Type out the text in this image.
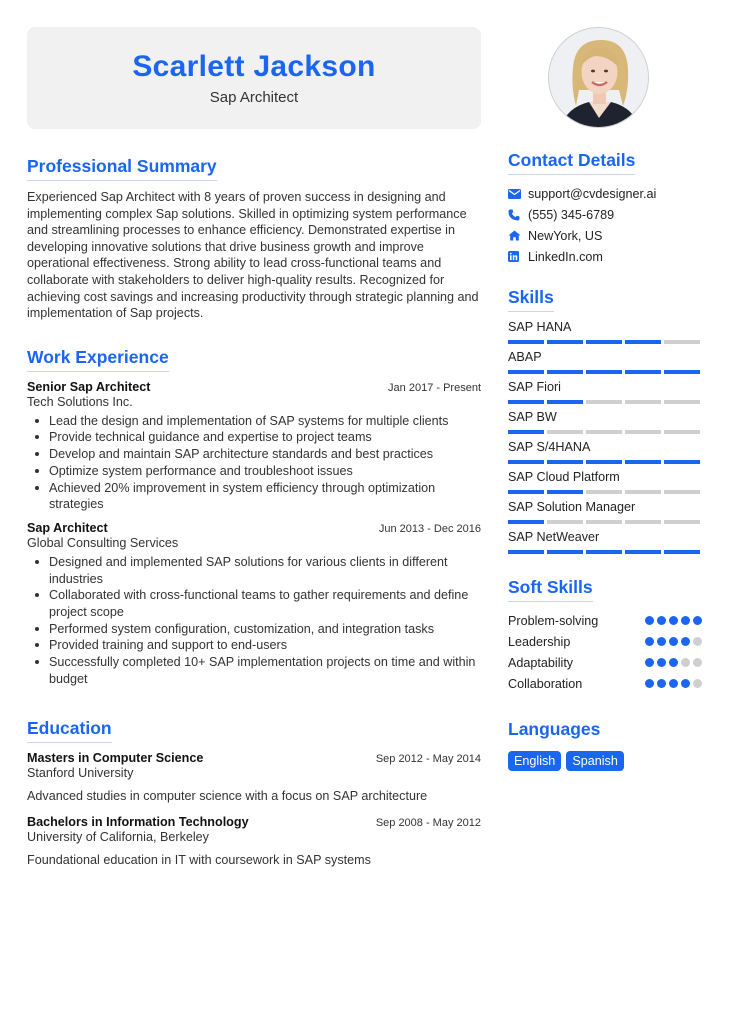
Scarlett Jackson
Sap Architect
Professional Summary

Experienced Sap Architect with 8 years of proven success in designing and implementing complex Sap solutions. Skilled in optimizing system performance and streamlining processes to enhance efficiency. Demonstrated expertise in developing innovative solutions that drive business growth and improve operational effectiveness. Strong ability to lead cross-functional teams and collaborate with stakeholders to deliver high-quality results. Recognized for achieving cost savings and increasing productivity through strategic planning and implementation of Sap projects.

Work Experience
Senior Sap Architect	Jan 2017 - Present
Tech Solutions Inc.
Lead the design and implementation of SAP systems for multiple clients
Provide technical guidance and expertise to project teams
Develop and maintain SAP architecture standards and best practices
Optimize system performance and troubleshoot issues
Achieved 20% improvement in system efficiency through optimization strategies
Sap Architect	Jun 2013 - Dec 2016
Global Consulting Services
Designed and implemented SAP solutions for various clients in different industries
Collaborated with cross-functional teams to gather requirements and define project scope
Performed system configuration, customization, and integration tasks
Provided training and support to end-users
Successfully completed 10+ SAP implementation projects on time and within budget
Education
Masters in Computer Science	Sep 2012 - May 2014
Stanford University
Advanced studies in computer science with a focus on SAP architecture
Bachelors in Information Technology	Sep 2008 - May 2012
University of California, Berkeley
Foundational education in IT with coursework in SAP systems
Contact Details
support@cvdesigner.ai
(555) 345-6789
NewYork, US
LinkedIn.com
Skills
SAP HANA
ABAP
SAP Fiori
SAP BW
SAP S/4HANA
SAP Cloud Platform
SAP Solution Manager
SAP NetWeaver
Soft Skills
Problem-solving
Leadership
Adaptability
Collaboration
Languages
English	Spanish
